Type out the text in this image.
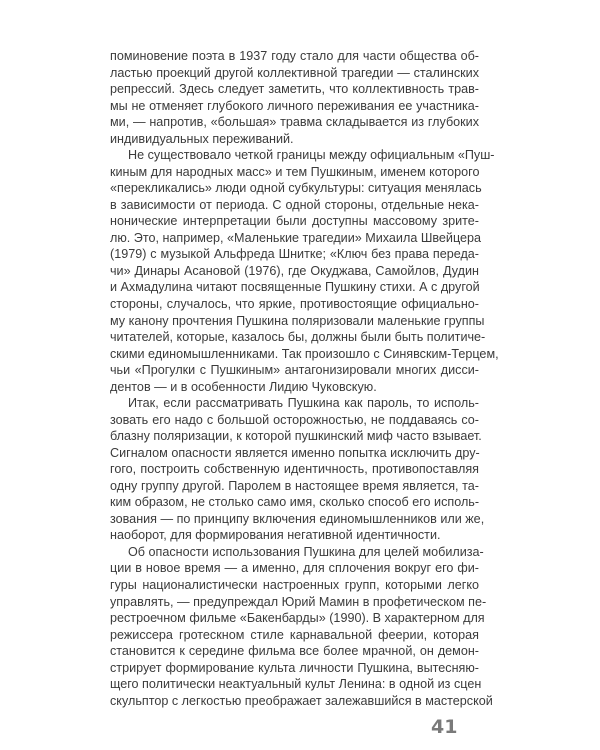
поминовение поэта в 1937 году стало для части общества об-
ластью проекций другой коллективной трагедии — сталинских
репрессий. Здесь следует заметить, что коллективность трав-
мы не отменяет глубокого личного переживания ее участника-
ми, — напротив, «большая» травма складывается из глубоких
индивидуальных переживаний.
Не существовало четкой границы между официальным «Пуш-
киным для народных масс» и тем Пушкиным, именем которого
«перекликались» люди одной субкультуры: ситуация менялась
в зависимости от периода. С одной стороны, отдельные нека-
нонические интерпретации были доступны массовому зрите-
лю. Это, например, «Маленькие трагедии» Михаила Швейцера
(1979) с музыкой Альфреда Шнитке; «Ключ без права переда-
чи» Динары Асановой (1976), где Окуджава, Самойлов, Дудин
и Ахмадулина читают посвященные Пушкину стихи. А с другой
стороны, случалось, что яркие, противостоящие официально-
му канону прочтения Пушкина поляризовали маленькие группы
читателей, которые, казалось бы, должны были быть политиче-
скими единомышленниками. Так произошло с Синявским-Терцем,
чьи «Прогулки с Пушкиным» антагонизировали многих дисси-
дентов — и в особенности Лидию Чуковскую.
Итак, если рассматривать Пушкина как пароль, то исполь-
зовать его надо с большой осторожностью, не поддаваясь со-
блазну поляризации, к которой пушкинский миф часто взывает.
Сигналом опасности является именно попытка исключить дру-
гого, построить собственную идентичность, противопоставляя
одну группу другой. Паролем в настоящее время является, та-
ким образом, не столько само имя, сколько способ его исполь-
зования — по принципу включения единомышленников или же,
наоборот, для формирования негативной идентичности.
Об опасности использования Пушкина для целей мобилиза-
ции в новое время — а именно, для сплочения вокруг его фи-
гуры националистически настроенных групп, которыми легко
управлять, — предупреждал Юрий Мамин в профетическом пе-
рестроечном фильме «Бакенбарды» (1990). В характерном для
режиссера гротескном стиле карнавальной феерии, которая
становится к середине фильма все более мрачной, он демон-
стрирует формирование культа личности Пушкина, вытесняю-
щего политически неактуальный культ Ленина: в одной из сцен
скульптор с легкостью преображает залежавшийся в мастерской
41
